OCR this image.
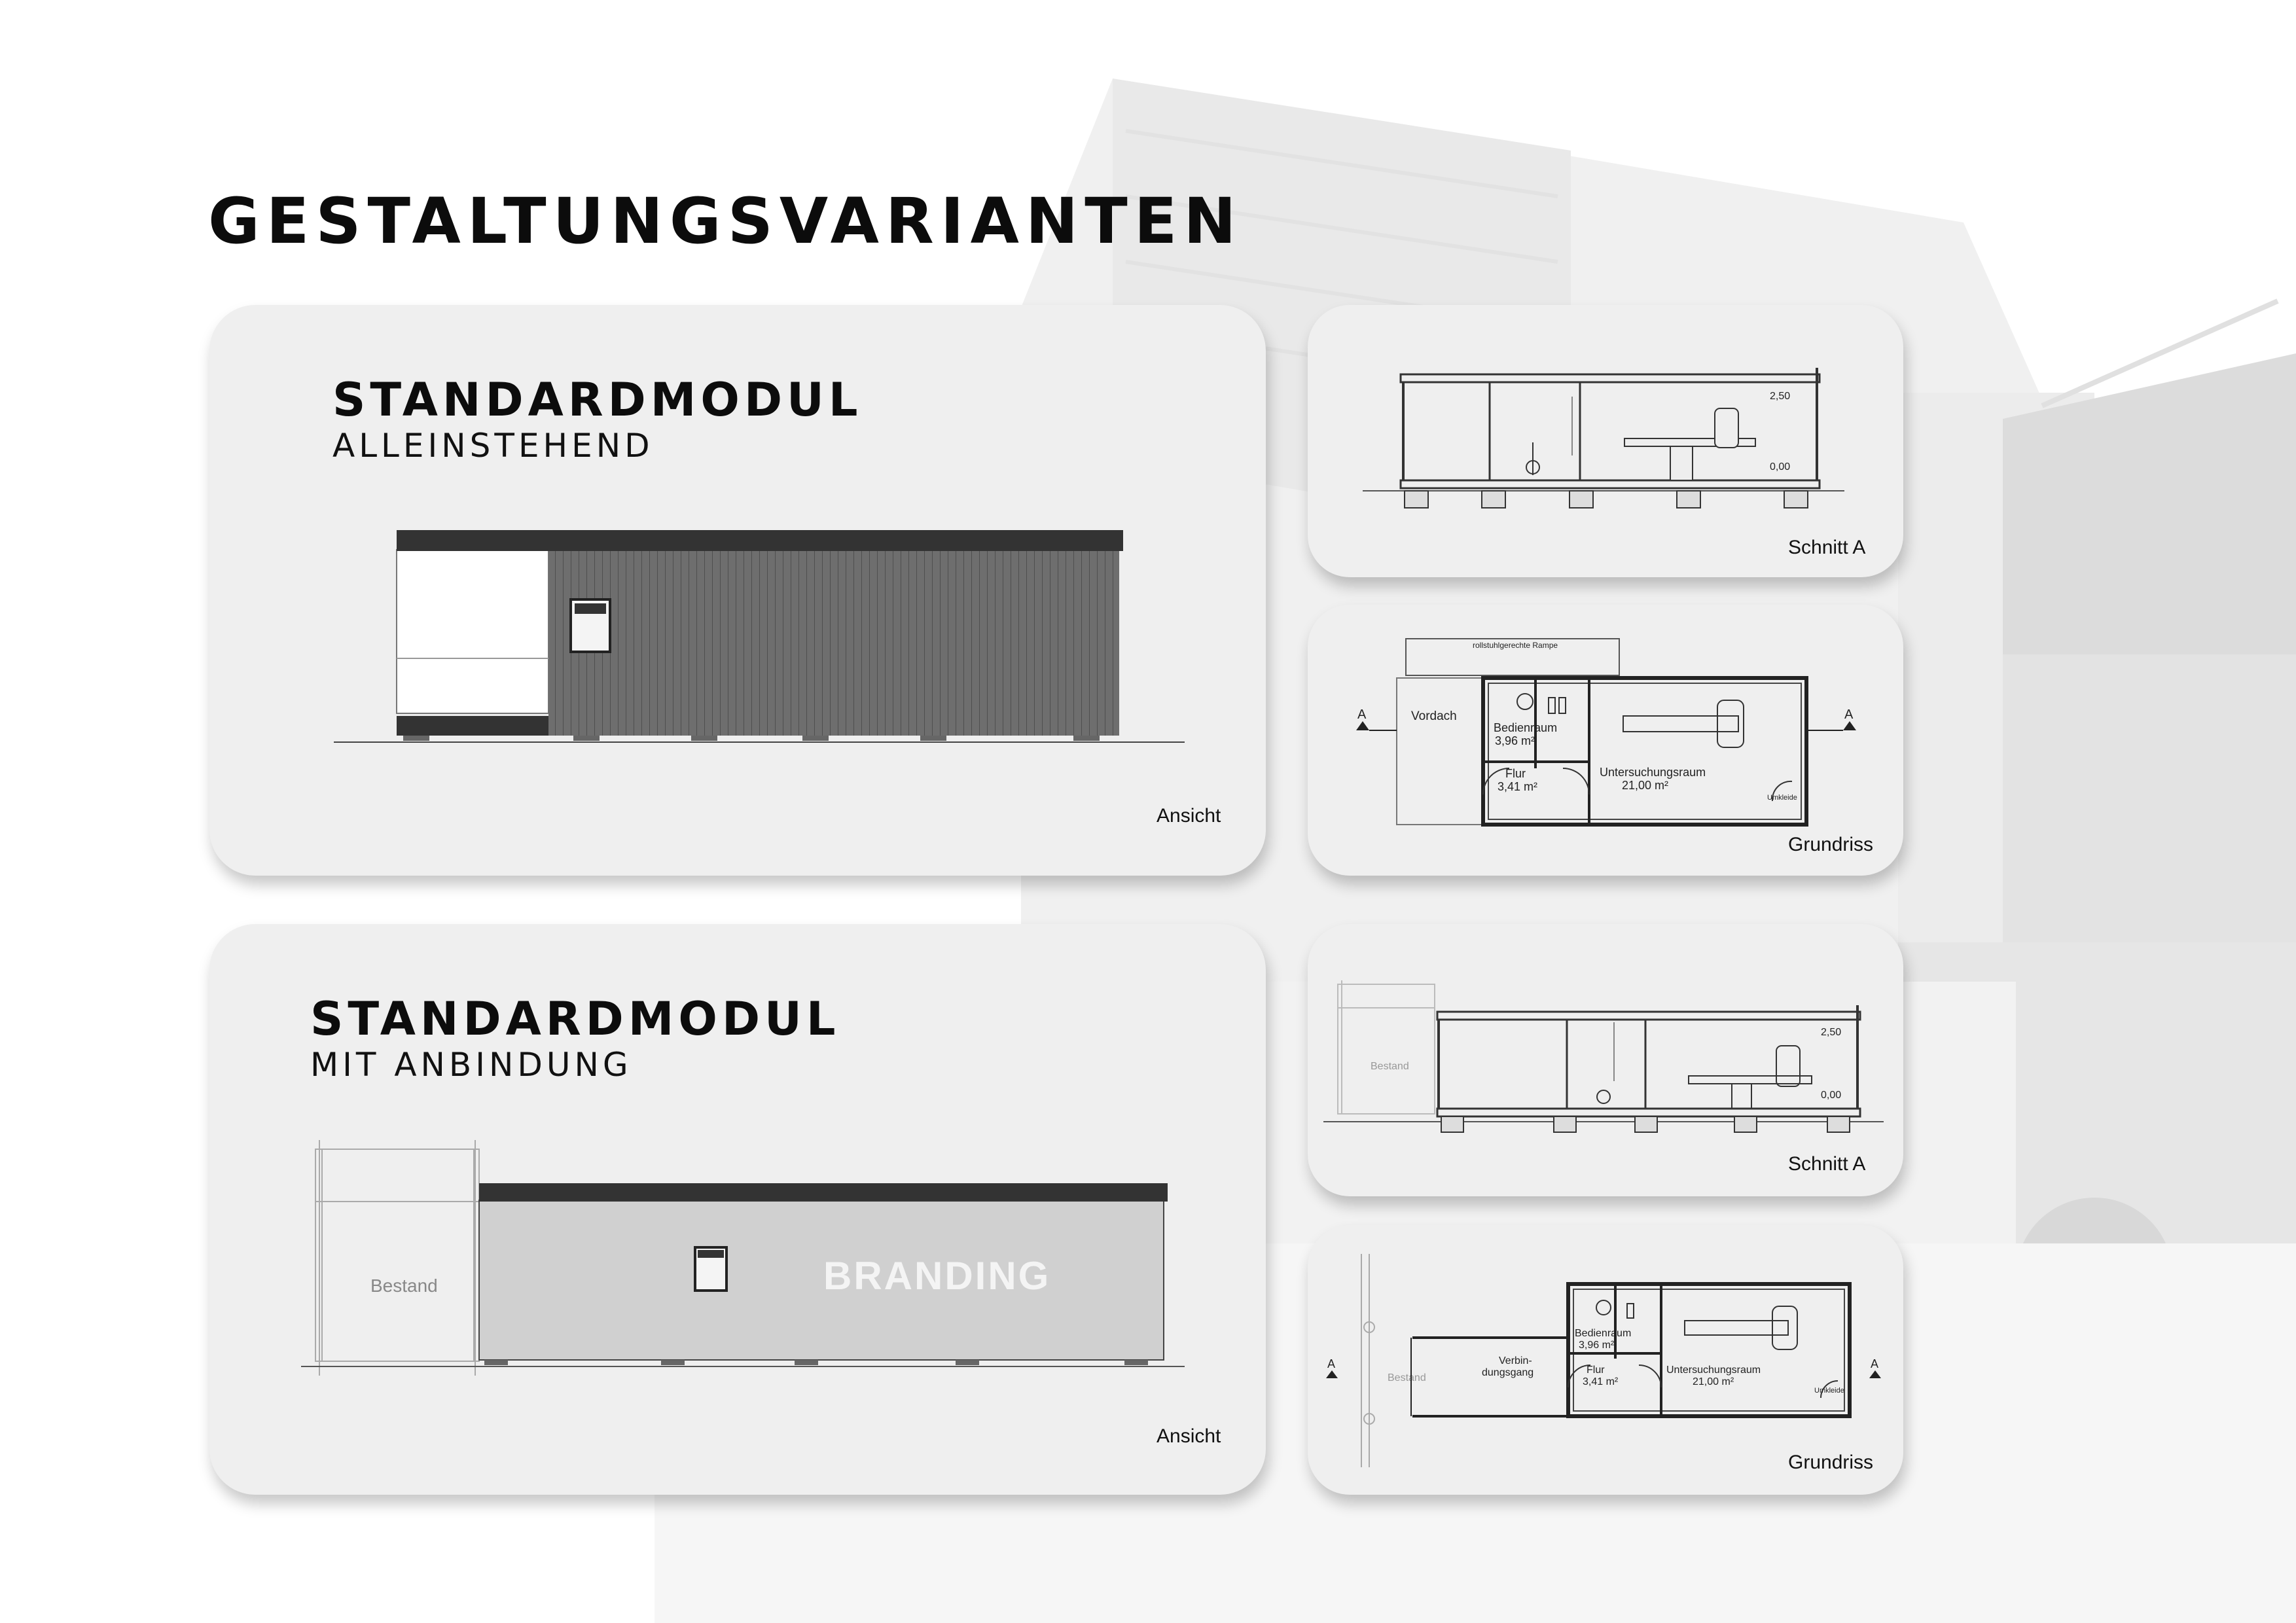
GESTALTUNGSVARIANTEN
STANDARDMODUL
ALLEINSTEHEND
Ansicht
2,50
0,00
Schnitt A
rollstuhlgerechte Rampe
A	A
Vordach
Bedienraum
3,96 m²
Flur
3,41 m²
Untersuchungsraum
21,00 m²
Umkleide
Grundriss
STANDARDMODUL
MIT ANBINDUNG
Bestand	BRANDING
Ansicht
Bestand
2,50
0,00
Schnitt A
Bestand
A	A
Verbin-
dungsgang
Bedienraum
3,96 m²
Flur
3,41 m²
Untersuchungsraum
21,00 m²
Umkleide
Grundriss
